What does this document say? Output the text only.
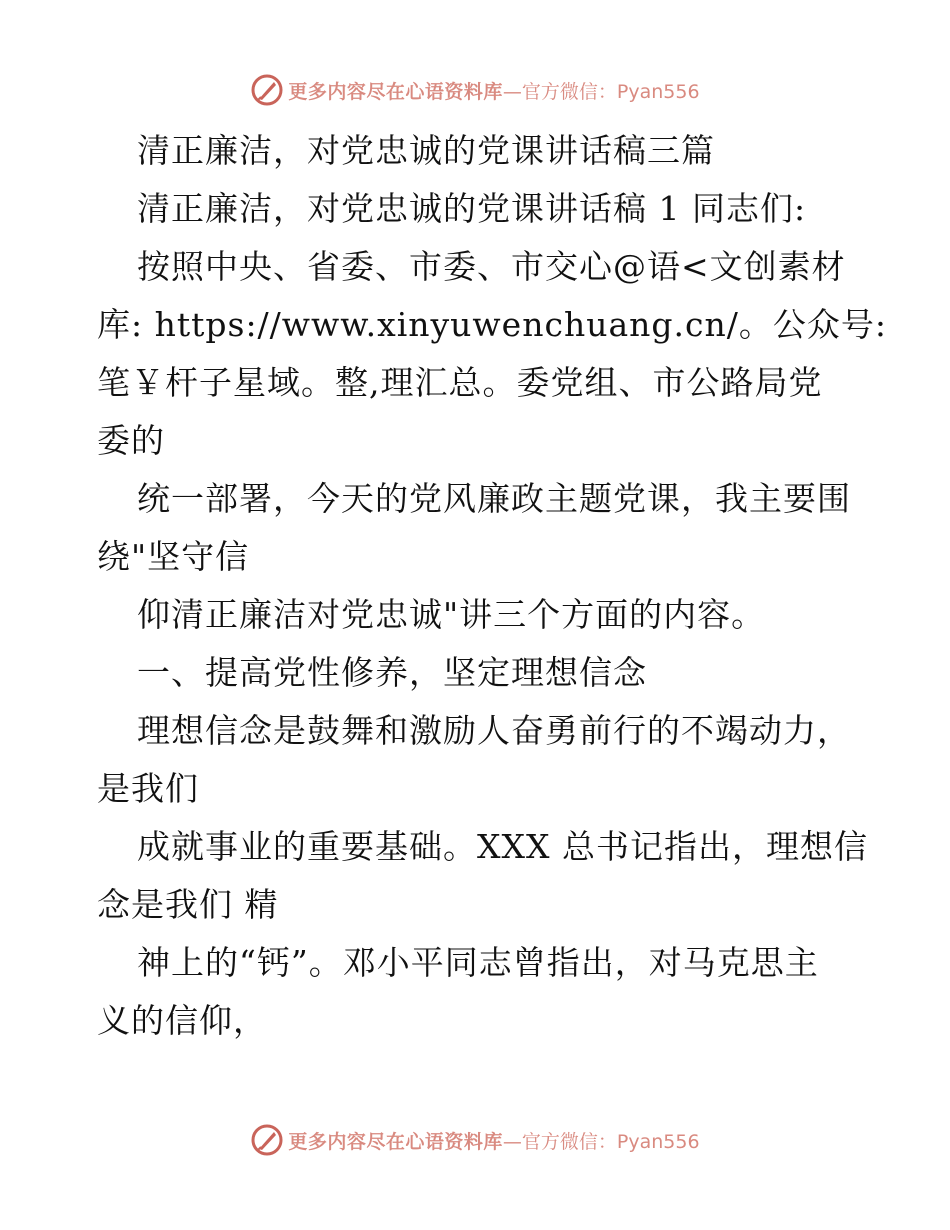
更多内容尽在心语资料库 —官方微信：Pyan556
清正廉洁，对党忠诚的党课讲话稿三篇
清正廉洁，对党忠诚的党课讲话稿 1 同志们:
按照中央、省委、市委、市交心@语<文创素材
库: https://www.xinyuwenchuang.cn/。公众号:
笔￥杆子星域。整,理汇总。委党组、市公路局党
委的
统一部署，今天的党风廉政主题党课，我主要围
绕"坚守信
仰清正廉洁对党忠诚"讲三个方面的内容。
一、提高党性修养，坚定理想信念
理想信念是鼓舞和激励人奋勇前行的不竭动力，
是我们
成就事业的重要基础。XXX 总书记指出，理想信
念是我们 精
神上的“钙”。邓小平同志曾指出，对马克思主
义的信仰，
更多内容尽在心语资料库 —官方微信：Pyan556
